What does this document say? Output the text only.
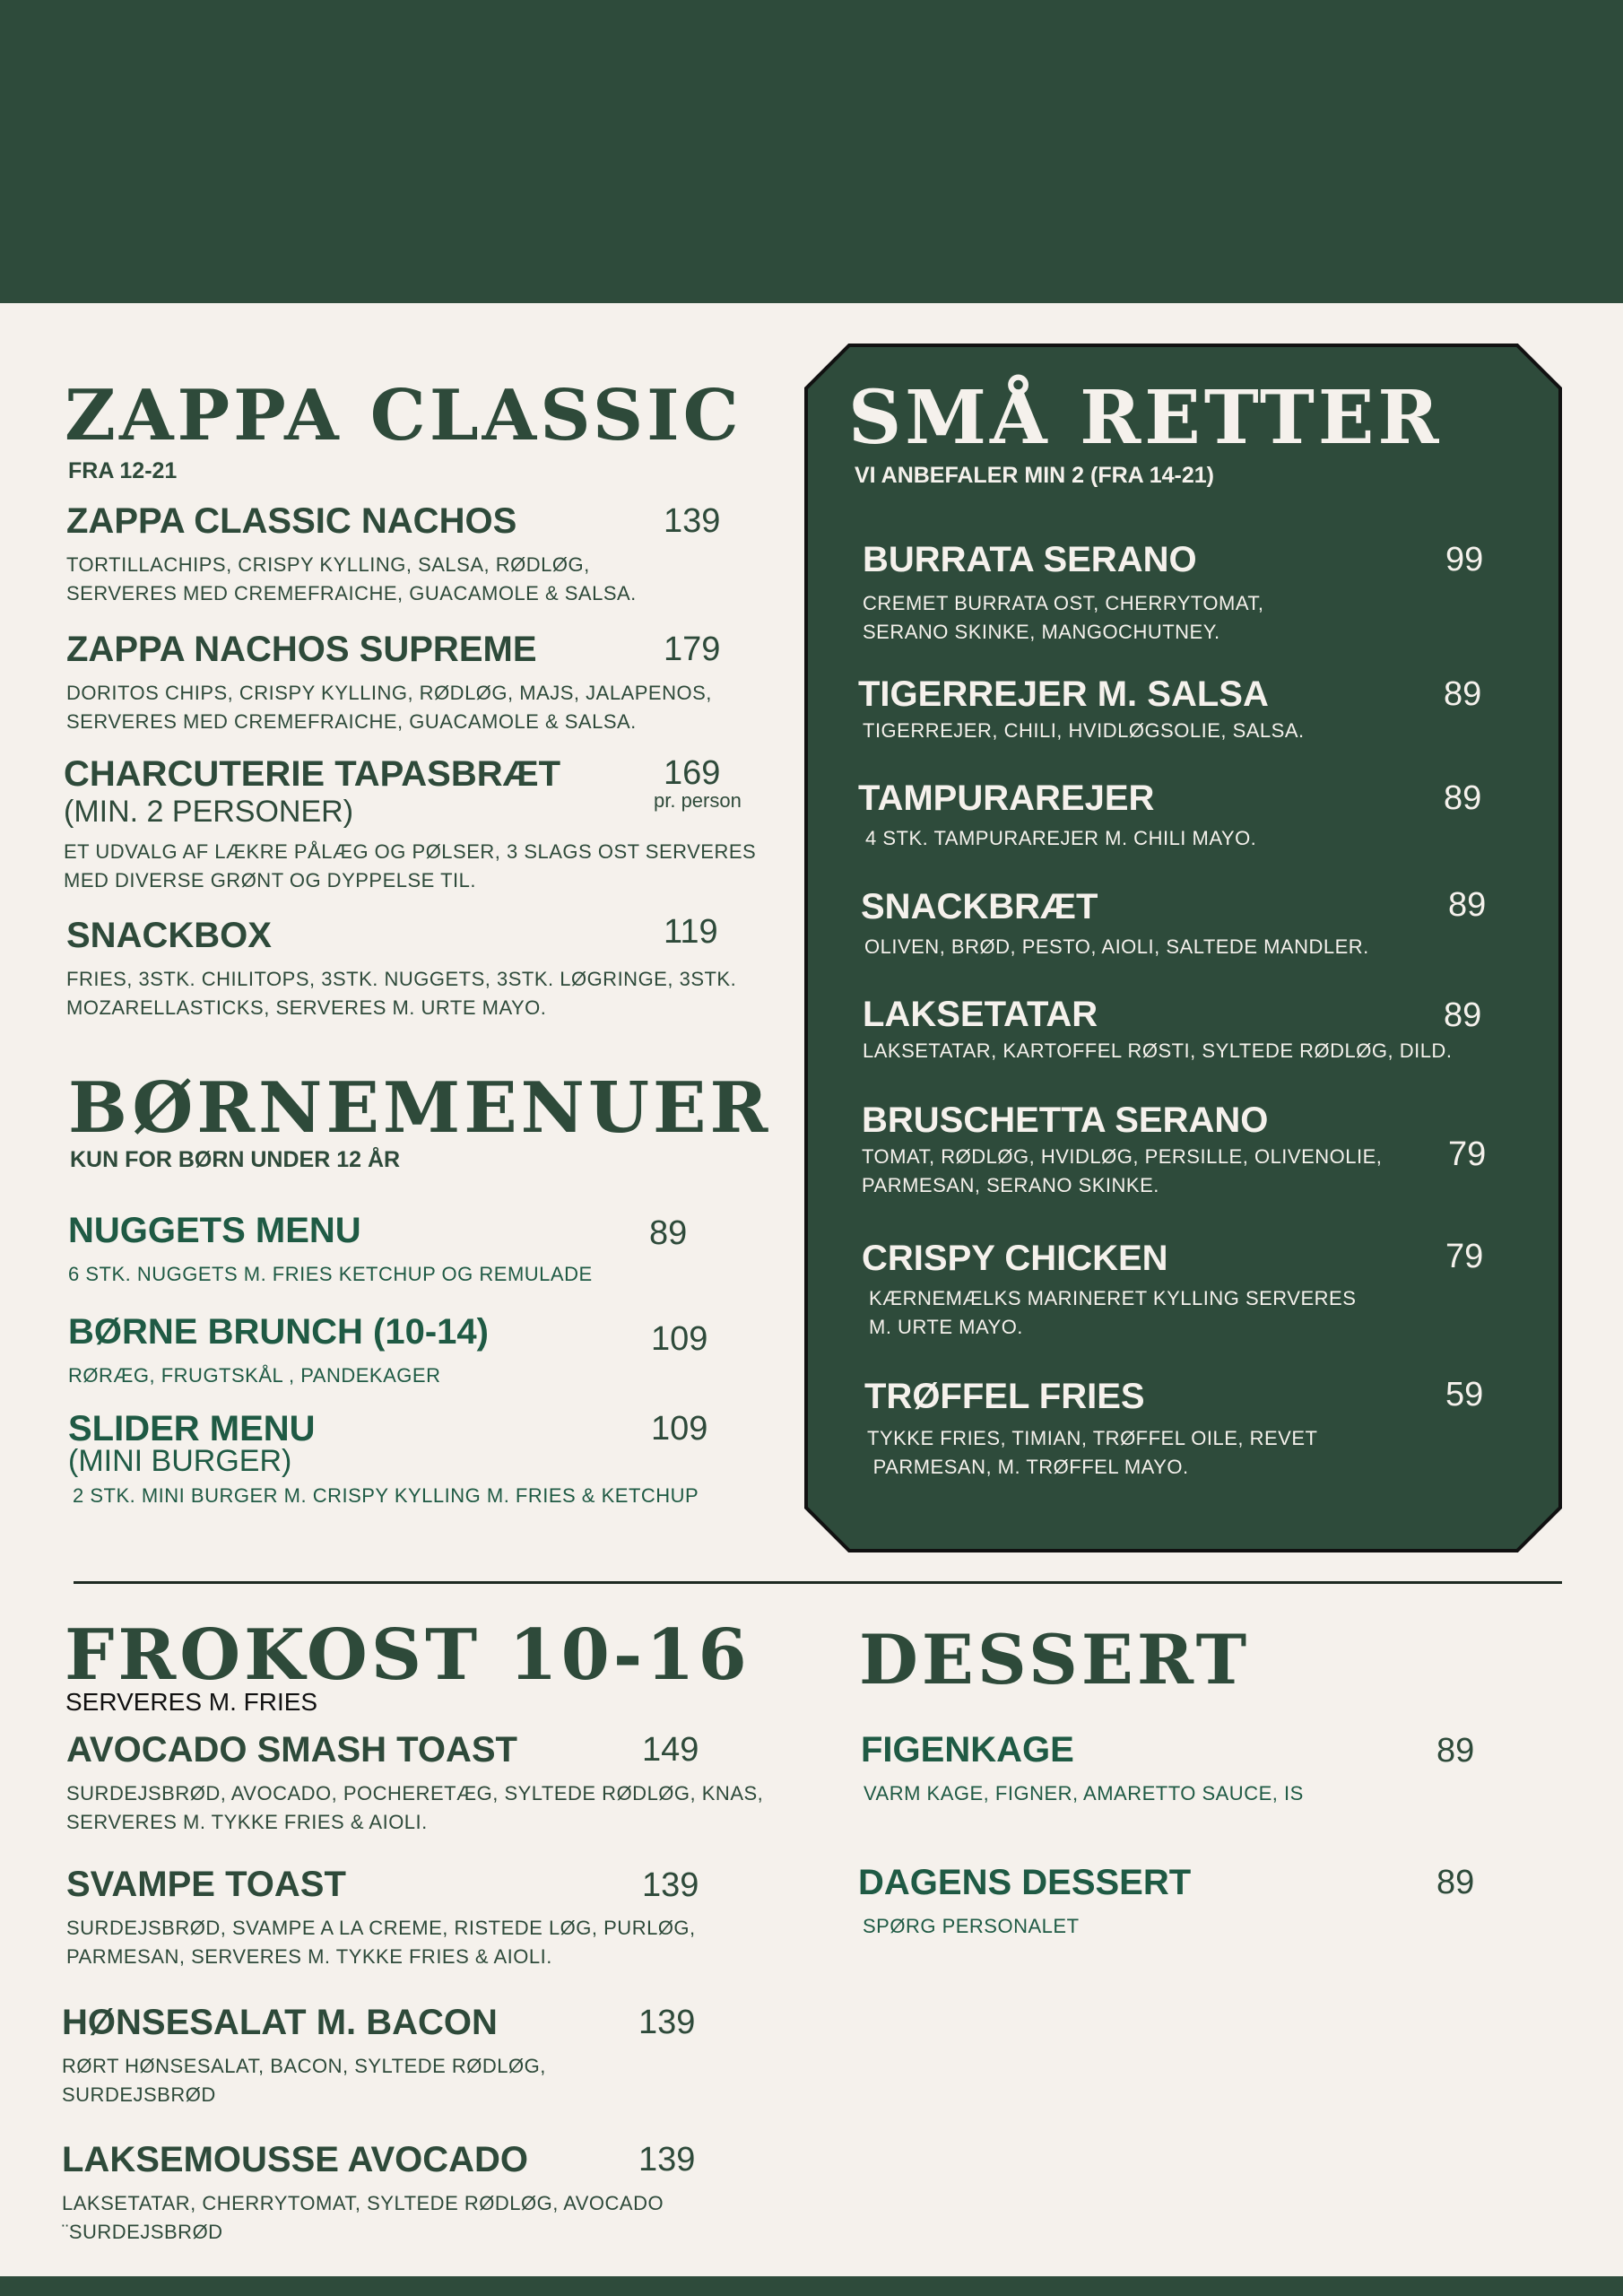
ZAPPA CLASSIC

FRA 12-21

BØRNEMENUER

KUN FOR BØRN UNDER 12 ÅR

SMÅ RETTER

VI ANBEFALER MIN 2 (FRA 14-21)

FROKOST 10-16

SERVERES M. FRIES

DESSERT
ZAPPA CLASSIC NACHOS
TORTILLACHIPS, CRISPY KYLLING, SALSA, RØDLØG,
SERVERES MED CREMEFRAICHE, GUACAMOLE & SALSA.
139
ZAPPA NACHOS SUPREME
DORITOS CHIPS, CRISPY KYLLING, RØDLØG, MAJS, JALAPENOS,
SERVERES MED CREMEFRAICHE, GUACAMOLE & SALSA.
179
CHARCUTERIE TAPASBRÆT
(MIN. 2 PERSONER)
ET UDVALG AF LÆKRE PÅLÆG OG PØLSER, 3 SLAGS OST SERVERES
MED DIVERSE GRØNT OG DYPPELSE TIL.
169
pr. person
SNACKBOX
FRIES, 3STK. CHILITOPS, 3STK. NUGGETS, 3STK. LØGRINGE, 3STK.
MOZARELLASTICKS, SERVERES M. URTE MAYO.
119
NUGGETS MENU
6 STK. NUGGETS M. FRIES KETCHUP OG REMULADE
89
BØRNE BRUNCH (10-14)
RØRÆG, FRUGTSKÅL , PANDEKAGER
109
SLIDER MENU
(MINI BURGER)
2 STK. MINI BURGER M. CRISPY KYLLING M. FRIES & KETCHUP
109
BURRATA SERANO
CREMET BURRATA OST, CHERRYTOMAT,
SERANO SKINKE, MANGOCHUTNEY.
99
TIGERREJER M. SALSA
TIGERREJER, CHILI, HVIDLØGSOLIE, SALSA.
89
TAMPURAREJER
4 STK. TAMPURAREJER M. CHILI MAYO.
89
SNACKBRÆT
OLIVEN, BRØD, PESTO, AIOLI, SALTEDE MANDLER.
89
LAKSETATAR
LAKSETATAR, KARTOFFEL RØSTI, SYLTEDE RØDLØG, DILD.
89
BRUSCHETTA SERANO
TOMAT, RØDLØG, HVIDLØG, PERSILLE, OLIVENOLIE,
PARMESAN, SERANO SKINKE.
79
CRISPY CHICKEN
KÆRNEMÆLKS MARINERET KYLLING SERVERES
M. URTE MAYO.
79
TRØFFEL FRIES
TYKKE FRIES, TIMIAN, TRØFFEL OILE, REVET
PARMESAN, M. TRØFFEL MAYO.
59
AVOCADO SMASH TOAST
SURDEJSBRØD, AVOCADO, POCHERETÆG, SYLTEDE RØDLØG, KNAS,
SERVERES M. TYKKE FRIES & AIOLI.
149
SVAMPE TOAST
SURDEJSBRØD, SVAMPE A LA CREME, RISTEDE LØG, PURLØG,
PARMESAN, SERVERES M. TYKKE FRIES & AIOLI.
139
HØNSESALAT M. BACON
RØRT HØNSESALAT, BACON, SYLTEDE RØDLØG,
SURDEJSBRØD
139
LAKSEMOUSSE AVOCADO
LAKSETATAR, CHERRYTOMAT, SYLTEDE RØDLØG, AVOCADO
¨SURDEJSBRØD
139
FIGENKAGE
VARM KAGE, FIGNER, AMARETTO SAUCE, IS
89
DAGENS DESSERT
SPØRG PERSONALET
89
